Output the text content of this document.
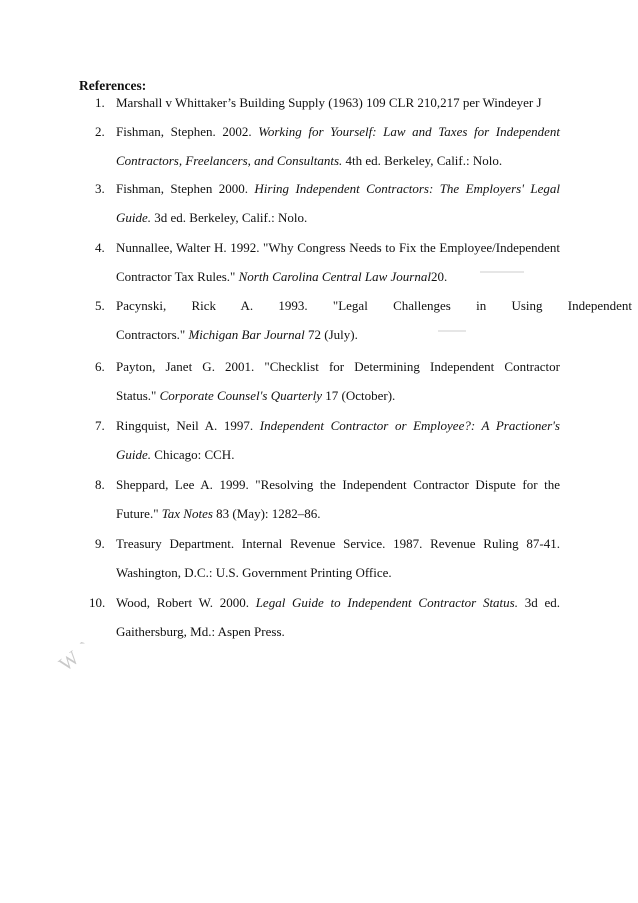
References:
1. Marshall v Whittaker’s Building Supply (1963) 109 CLR 210,217 per Windeyer J
2. Fishman, Stephen. 2002. Working for Yourself: Law and Taxes for Independent
Contractors, Freelancers, and Consultants. 4th ed. Berkeley, Calif.: Nolo.
3. Fishman, Stephen 2000. Hiring Independent Contractors: The Employers' Legal
Guide. 3d ed. Berkeley, Calif.: Nolo.
4. Nunnallee, Walter H. 1992. "Why Congress Needs to Fix the Employee/Independent
Contractor Tax Rules." North Carolina Central Law Journal20.
5. Pacynski, Rick A. 1993. "Legal Challenges in Using Independent
Contractors." Michigan Bar Journal 72 (July).
6. Payton, Janet G. 2001. "Checklist for Determining Independent Contractor
Status." Corporate Counsel's Quarterly 17 (October).
7. Ringquist, Neil A. 1997. Independent Contractor or Employee?: A Practioner's
Guide. Chicago: CCH.
8. Sheppard, Lee A. 1999. "Resolving the Independent Contractor Dispute for the
Future." Tax Notes 83 (May): 1282–86.
9. Treasury Department. Internal Revenue Service. 1987. Revenue Ruling 87-41.
Washington, D.C.: U.S. Government Printing Office.
10. Wood, Robert W. 2000. Legal Guide to Independent Contractor Status. 3d ed.
Gaithersburg, Md.: Aspen Press.
W `
